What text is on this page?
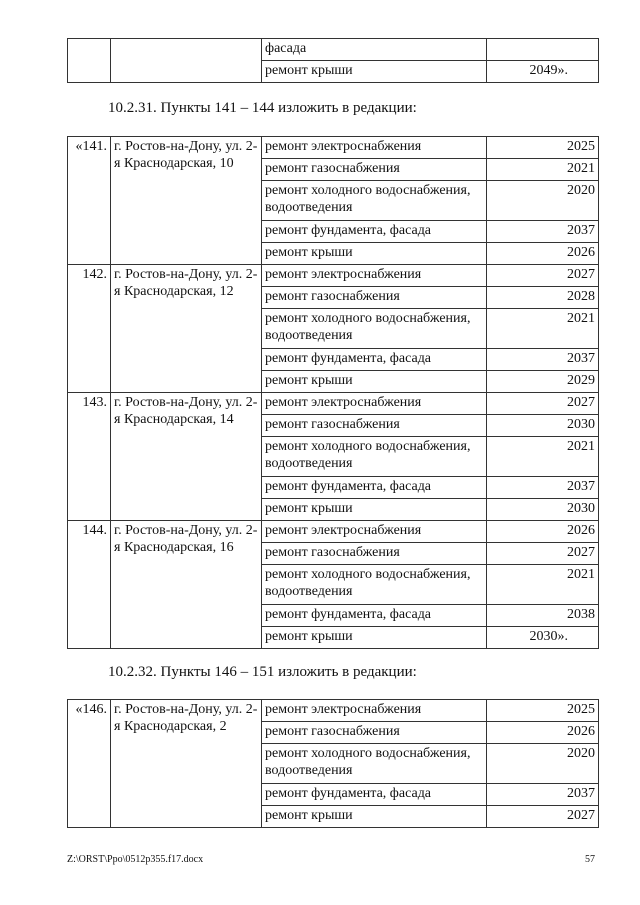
		фасада	
		ремонт крыши	2049».
10.2.31. Пункты 141 – 144 изложить в редакции:
«141.	г. Ростов-на-Дону, ул. 2-я Краснодарская, 10	ремонт электроснабжения	2025
		ремонт газоснабжения	2021
		ремонт холодного водоснабжения, водоотведения	2020
		ремонт фундамента, фасада	2037
		ремонт крыши	2026
142.	г. Ростов-на-Дону, ул. 2-я Краснодарская, 12	ремонт электроснабжения	2027
		ремонт газоснабжения	2028
		ремонт холодного водоснабжения, водоотведения	2021
		ремонт фундамента, фасада	2037
		ремонт крыши	2029
143.	г. Ростов-на-Дону, ул. 2-я Краснодарская, 14	ремонт электроснабжения	2027
		ремонт газоснабжения	2030
		ремонт холодного водоснабжения, водоотведения	2021
		ремонт фундамента, фасада	2037
		ремонт крыши	2030
144.	г. Ростов-на-Дону, ул. 2-я Краснодарская, 16	ремонт электроснабжения	2026
		ремонт газоснабжения	2027
		ремонт холодного водоснабжения, водоотведения	2021
		ремонт фундамента, фасада	2038
		ремонт крыши	2030».
10.2.32. Пункты 146 – 151 изложить в редакции:
«146.	г. Ростов-на-Дону, ул. 2-я Краснодарская, 2	ремонт электроснабжения	2025
		ремонт газоснабжения	2026
		ремонт холодного водоснабжения, водоотведения	2020
		ремонт фундамента, фасада	2037
		ремонт крыши	2027
Z:\ORST\Ppo\0512p355.f17.docx	57
